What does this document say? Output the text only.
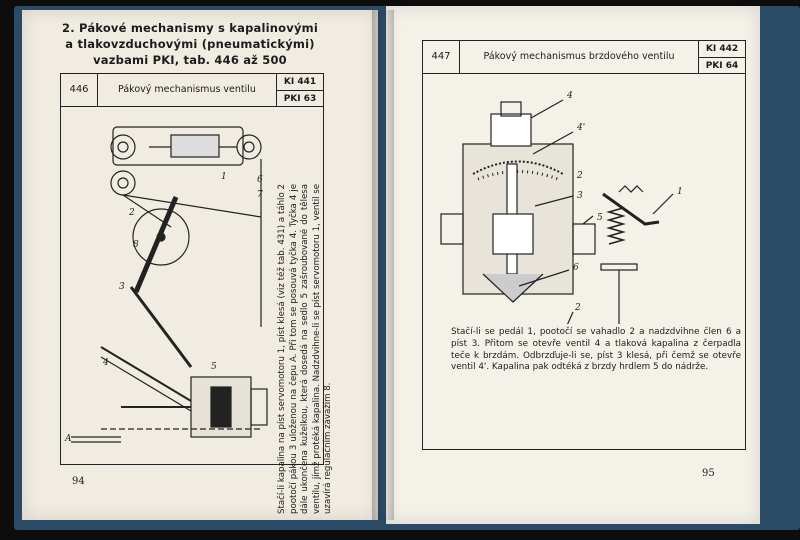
2. Pákové mechanismy s kapalinovými
a tlakovzduchovými (pneumatickými)
vazbami PKI, tab. 446 až 500
446	Pákový mechanismus ventilu
KI 441
PKI 63
1
2
3
4	5
6
7
8
A	Stačí-li kapalina na píst servomotoru 1, píst klesá (viz též tab. 431) a táhlo 2 pootočí pákou 3 uloženou na čepu A. Při tom se posouvá tyčka 4. Tyčka 4 je dále ukončena kuželkou, která dosedá na sedlo 5 zašroubované do tělesa ventilu, jímž protéká kapalina. Nadzdvihne-li se píst servomotoru 1, ventil se uzavírá regulačním závažím 8.
94
447	Pákový mechanismus brzdového ventilu
KI 442
PKI 64
4
4'
3
2
5
6
2
1
Stačí-li se pedál 1, pootočí se vahadlo 2 a nadzdvihne člen 6 a píst 3. Přitom se otevře ventil 4 a tlaková kapalina z čerpadla teče k brzdám. Odbrzďuje-li se, píst 3 klesá, při čemž se otevře ventil 4'. Kapalina pak odtéká z brzdy hrdlem 5 do nádrže.
95
